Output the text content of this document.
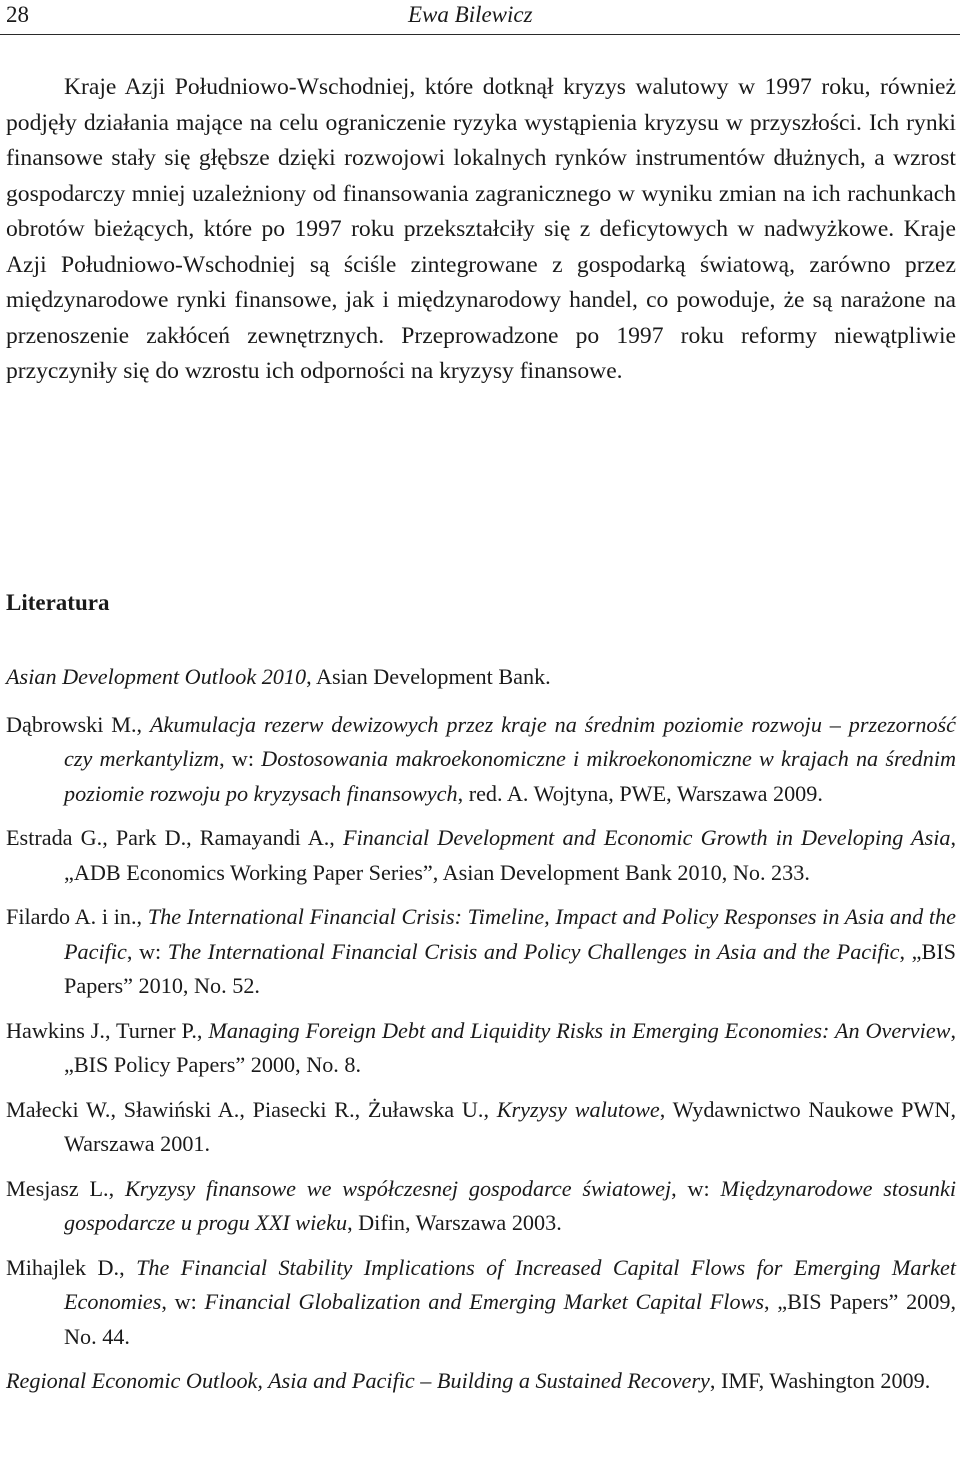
28	Ewa Bilewicz

Kraje Azji Południowo-Wschodniej, które dotknął kryzys walutowy w 1997 roku, również podjęły działania mające na celu ograniczenie ryzyka wystąpienia kryzysu w przyszłości. Ich rynki finansowe stały się głębsze dzięki rozwojowi lokalnych rynków instrumentów dłużnych, a wzrost gospodarczy mniej uzależniony od finansowania zagranicznego w wyniku zmian na ich rachunkach obrotów bieżących, które po 1997 roku przekształciły się z deficytowych w nadwyżkowe. Kraje Azji Południowo-Wschodniej są ściśle zintegrowane z gospodarką światową, zarówno przez międzynarodowe rynki finansowe, jak i międzynarodowy handel, co powoduje, że są narażone na przenoszenie zakłóceń zewnętrznych. Przeprowadzone po 1997 roku reformy niewątpliwie przyczyniły się do wzrostu ich odporności na kryzysy finansowe.

Literatura

Asian Development Outlook 2010, Asian Development Bank.

Dąbrowski M., Akumulacja rezerw dewizowych przez kraje na średnim poziomie rozwoju – przezorność czy merkantylizm, w: Dostosowania makroekonomiczne i mikroekonomiczne w krajach na średnim poziomie rozwoju po kryzysach finansowych, red. A. Wojtyna, PWE, Warszawa 2009.

Estrada G., Park D., Ramayandi A., Financial Development and Economic Growth in Developing Asia, „ADB Economics Working Paper Series”, Asian Development Bank 2010, No. 233.

Filardo A. i in., The International Financial Crisis: Timeline, Impact and Policy Responses in Asia and the Pacific, w: The International Financial Crisis and Policy Challenges in Asia and the Pacific, „BIS Papers” 2010, No. 52.

Hawkins J., Turner P., Managing Foreign Debt and Liquidity Risks in Emerging Economies: An Overview, „BIS Policy Papers” 2000, No. 8.

Małecki W., Sławiński A., Piasecki R., Żuławska U., Kryzysy walutowe, Wydawnictwo Naukowe PWN, Warszawa 2001.

Mesjasz L., Kryzysy finansowe we współczesnej gospodarce światowej, w: Międzynarodowe stosunki gospodarcze u progu XXI wieku, Difin, Warszawa 2003.

Mihajlek D., The Financial Stability Implications of Increased Capital Flows for Emerging Market Economies, w: Financial Globalization and Emerging Market Capital Flows, „BIS Papers” 2009, No. 44.

Regional Economic Outlook, Asia and Pacific – Building a Sustained Recovery, IMF, Washington 2009.
